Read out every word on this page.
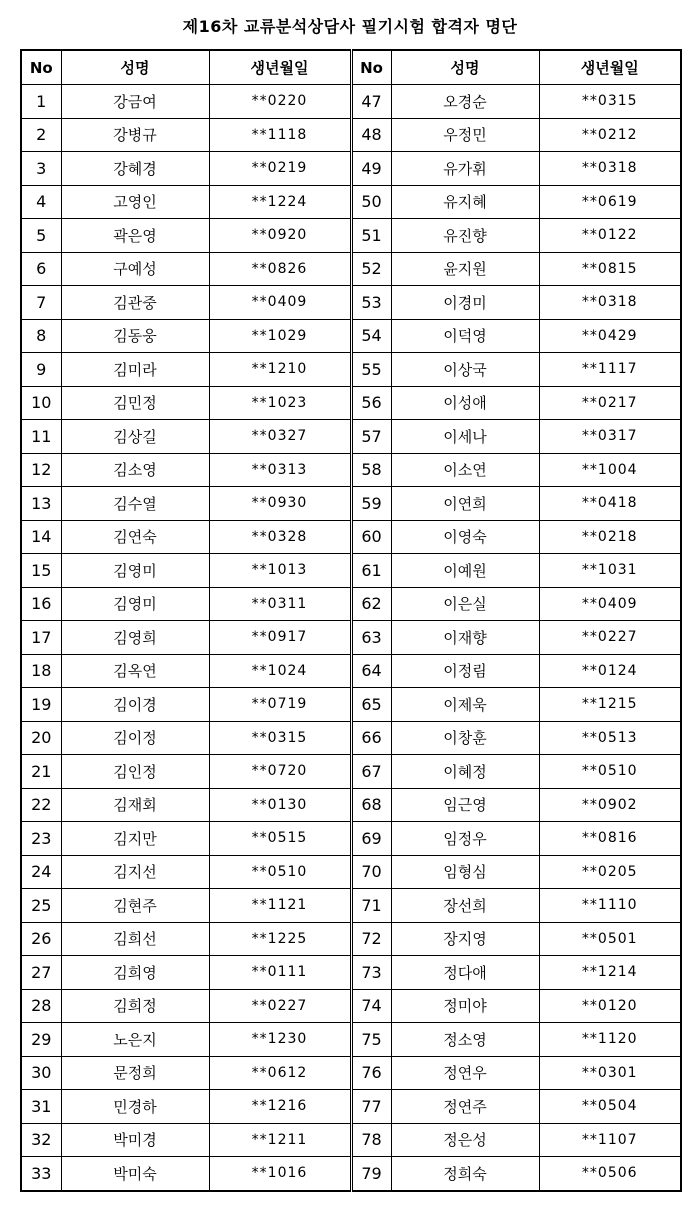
제16차 교류분석상담사 필기시험 합격자 명단
No	성명	생년월일	No	성명	생년월일
1	강금여	**0220	47	오경순	**0315
2	강병규	**1118	48	우정민	**0212
3	강혜경	**0219	49	유가휘	**0318
4	고영인	**1224	50	유지혜	**0619
5	곽은영	**0920	51	유진향	**0122
6	구예성	**0826	52	윤지원	**0815
7	김관중	**0409	53	이경미	**0318
8	김동웅	**1029	54	이덕영	**0429
9	김미라	**1210	55	이상국	**1117
10	김민정	**1023	56	이성애	**0217
11	김상길	**0327	57	이세나	**0317
12	김소영	**0313	58	이소연	**1004
13	김수열	**0930	59	이연희	**0418
14	김연숙	**0328	60	이영숙	**0218
15	김영미	**1013	61	이예원	**1031
16	김영미	**0311	62	이은실	**0409
17	김영희	**0917	63	이재향	**0227
18	김옥연	**1024	64	이정림	**0124
19	김이경	**0719	65	이제욱	**1215
20	김이정	**0315	66	이창훈	**0513
21	김인정	**0720	67	이혜정	**0510
22	김재회	**0130	68	임근영	**0902
23	김지만	**0515	69	임정우	**0816
24	김지선	**0510	70	임형심	**0205
25	김현주	**1121	71	장선희	**1110
26	김희선	**1225	72	장지영	**0501
27	김희영	**0111	73	정다애	**1214
28	김희정	**0227	74	정미야	**0120
29	노은지	**1230	75	정소영	**1120
30	문정희	**0612	76	정연우	**0301
31	민경하	**1216	77	정연주	**0504
32	박미경	**1211	78	정은성	**1107
33	박미숙	**1016	79	정희숙	**0506
